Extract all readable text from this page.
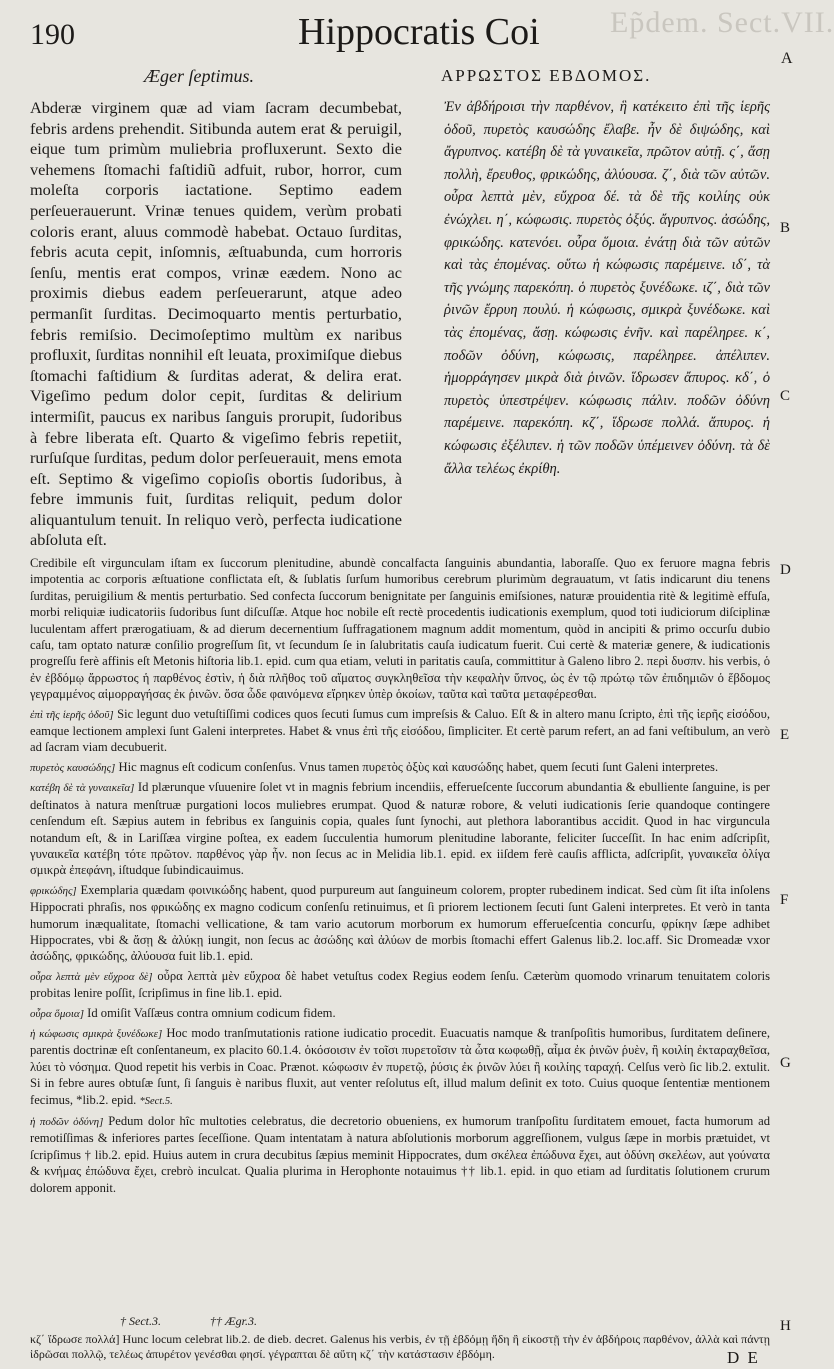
Ep̃dem. Sect.VII.
190	Hippocratis Coi
A
B
C
D
E
F
G
H
Æger ſeptimus.	ΑΡΡΩΣΤΟΣ ΕΒΔΟΜΟΣ.

Abderæ virginem quæ ad viam ſacram decumbebat, febris ardens prehendit. Sitibunda autem erat & peruigil, eique tum primùm muliebria profluxerunt. Sexto die vehemens ſtomachi faſtidiũ adfuit, rubor, horror, cum moleſta corporis iactatione. Septimo eadem perſeuerauerunt. Vrinæ tenues quidem, verùm probati coloris erant, aluus commodè habebat. Octauo ſurditas, febris acuta cepit, inſomnis, æſtuabunda, cum horroris ſenſu, mentis erat compos, vrinæ eædem. Nono ac proximis diebus eadem perſeuerarunt, atque adeo permanſit ſurditas. Decimoquarto mentis perturbatio, febris remiſsio. Decimoſeptimo multùm ex naribus profluxit, ſurditas nonnihil eſt leuata, proximiſque diebus ſtomachi faſtidium & ſurditas aderat, & delira erat. Vigeſimo pedum dolor cepit, ſurditas & delirium intermiſit, paucus ex naribus ſanguis prorupit, ſudoribus à febre liberata eſt. Quarto & vigeſimo febris repetiit, rurſuſque ſurditas, pedum dolor perſeuerauit, mens emota eſt. Septimo & vigeſimo copioſis obortis ſudoribus, à febre immunis fuit, ſurditas reliquit, pedum dolor aliquantulum tenuit. In reliquo verò, perfecta iudicatione abſoluta eſt.

Ἐν ἀβδήροισι τὴν παρθένον, ἣ κατέκειτο ἐπὶ τῆς ἱερῆς ὁδοῦ, πυρετὸς καυσώδης ἔλαβε. ἦν δὲ διψώδης, καὶ ἄγρυπνος. κατέβη δὲ τὰ γυναικεῖα, πρῶτον αὐτῇ. ς΄, ἄσῃ πολλὴ, ἔρευθος, φρικώδης, ἀλύουσα. ζ΄, διὰ τῶν αὐτῶν. οὖρα λεπτὰ μὲν, εὔχροα δέ. τὰ δὲ τῆς κοιλίης οὐκ ἐνώχλει. η΄, κώφωσις. πυρετὸς ὀξύς. ἄγρυπνος. ἀσώδης, φρικώδης. κατενόει. οὖρα ὅμοια. ἐνάτῃ διὰ τῶν αὐτῶν καὶ τὰς ἐπομένας. οὕτω ἡ κώφωσις παρέμεινε. ιδ΄, τὰ τῆς γνώμης παρεκόπη. ὁ πυρετὸς ξυνέδωκε. ιζ΄, διὰ τῶν ῥινῶν ἔρρυη πουλύ. ἡ κώφωσις, σμικρὰ ξυνέδωκε. καὶ τὰς ἐπομένας, ἄσῃ. κώφωσις ἐνῆν. καὶ παρέληρεε. κ΄, ποδῶν ὀδύνη, κώφωσις, παρέληρεε. ἀπέλιπεν. ἡμορράγησεν μικρὰ διὰ ῥινῶν. ἵδρωσεν ἄπυρος. κδ΄, ὁ πυρετὸς ὑπεστρέψεν. κώφωσις πάλιν. ποδῶν ὀδύνη παρέμεινε. παρεκόπη. κζ΄, ἵδρωσε πολλά. ἄπυρος. ἡ κώφωσις ἐξέλιπεν. ἡ τῶν ποδῶν ὑπέμεινεν ὀδύνη. τὰ δὲ ἄλλα τελέως ἐκρίθη.

Credibile eſt virgunculam iſtam ex ſuccorum plenitudine, abundè concalfacta ſanguinis abundantia, laboraſſe. Quo ex feruore magna febris impotentia ac corporis æſtuatione conflictata eſt, & ſublatis ſurſum humoribus cerebrum plurimùm degrauatum, vt ſatis indicarunt diu tenens ſurditas, peruigilium & mentis perturbatio. Sed confecta ſuccorum benignitate per ſanguinis emiſsiones, naturæ prouidentia ritè & legitimè effuſa, morbi reliquiæ iudicatoriis ſudoribus ſunt diſcuſſæ. Atque hoc nobile eſt rectè procedentis iudicationis exemplum, quod toti iudiciorum diſciplinæ luculentam affert prærogatiuam, & ad dierum decernentium ſuffragationem magnum addit momentum, quòd in ancipiti & primo occurſu dubio caſu, tam optato naturæ conſilio progreſſum ſit, vt ſecundum ſe in ſalubritatis cauſa iudicatum fuerit. Cui certè & materiæ genere, & iudicationis progreſſu ferè affinis eſt Metonis hiſtoria lib.1. epid. cum qua etiam, veluti in paritatis cauſa, committitur à Galeno libro 2. περὶ δυσπν. his verbis, ὁ ἐν ἐβδόμῳ ἄρρωστος ἡ παρθένος ἐστὶν, ἡ διὰ πλῆθος τοῦ αἵματος συγκληθεῖσα τὴν κεφαλὴν ὕπνος, ὡς ἐν τῷ πρώτῳ τῶν ἐπιδημιῶν ὁ ἕβδομος γεγραμμένος αἱμορραγήσας ἐκ ῥινῶν. ὅσα ὧδε φαινόμενα εἴρηκεν ὑπὲρ ὁκοίων, ταῦτα καὶ ταῦτα μεταφέρεσθαι.

ἐπὶ τῆς ἱερῆς ὁδοῦ] Sic legunt duo vetuſtiſſimi codices quos ſecuti ſumus cum impreſsis & Caluo. Eſt & in altero manu ſcripto, ἐπὶ τῆς ἱερῆς εἰσόδου, eamque lectionem amplexi ſunt Galeni interpretes. Habet & vnus ἐπὶ τῆς εἰσόδου, ſimpliciter. Et certè parum refert, an ad fani veſtibulum, an verò ad ſacram viam decubuerit.

πυρετὸς καυσώδης] Hic magnus eſt codicum conſenſus. Vnus tamen πυρετὸς ὀξὺς καὶ καυσώδης habet, quem ſecuti ſunt Galeni interpretes.

κατέβη δὲ τὰ γυναικεῖα] Id plærunque vſuuenire ſolet vt in magnis febrium incendiis, efferueſcente ſuccorum abundantia & ebulliente ſanguine, is per deſtinatos à natura menſtruæ purgationi locos muliebres erumpat. Quod & naturæ robore, & veluti iudicationis ſerie quandoque contingere cenſendum eſt. Sæpius autem in febribus ex ſanguinis copia, quales ſunt ſynochi, aut plethora laborantibus accidit. Quod in hac virguncula notandum eſt, & in Lariſſæa virgine poſtea, ex eadem ſucculentia humorum plenitudine laborante, feliciter ſucceſſit. In hac enim adſcripſit, γυναικεῖα κατέβη τότε πρῶτον. παρθένος γὰρ ἦν. non ſecus ac in Melidia lib.1. epid. ex iiſdem ferè cauſis afflicta, adſcripſit, γυναικεῖα ὀλίγα σμικρὰ ἐπεφάνη, iſtudque ſubindicauimus.

φρικώδης] Exemplaria quædam φοινικώδης habent, quod purpureum aut ſanguineum colorem, propter rubedinem indicat. Sed cùm ſit iſta inſolens Hippocrati phraſis, nos φρικώδης ex magno codicum conſenſu retinuimus, et ſi priorem lectionem ſecuti ſunt Galeni interpretes. Et verò in tanta humorum inæqualitate, ſtomachi vellicatione, & tam vario acutorum morborum ex humorum efferueſcentia concurſu, φρίκην ſæpe adhibet Hippocrates, vbi & ἄσῃ & ἀλύκῃ iungit, non ſecus ac ἀσώδης καὶ ἀλύων de morbis ſtomachi effert Galenus lib.2. loc.aff. Sic Dromeadæ vxor ἀσώδης, φρικώδης, ἀλύουσα fuit lib.1. epid.

οὖρα λεπτὰ μὲν εὔχροα δὲ] οὖρα λεπτὰ μὲν εὔχροα δὲ habet vetuſtus codex Regius eodem ſenſu. Cæterùm quomodo vrinarum tenuitatem coloris probitas lenire poſſit, ſcripſimus in fine lib.1. epid.

οὖρα ὅμοια] Id omiſit Vaſſæus contra omnium codicum fidem.

ἡ κώφωσις σμικρὰ ξυνέδωκε] Hoc modo tranſmutationis ratione iudicatio procedit. Euacuatis namque & tranſpoſitis humoribus, ſurditatem deſinere, parentis doctrinæ eſt conſentaneum, ex placito 60.1.4. ὁκόσοισιν ἐν τοῖσι πυρετοῖσιν τὰ ὦτα κωφωθῇ, αἷμα ἐκ ῥινῶν ῥυὲν, ἢ κοιλίη ἐκταραχθεῖσα, λύει τὸ νόσημα. Quod repetit his verbis in Coac. Prænot. κώφωσιν ἐν πυρετῷ, ῥύσις ἐκ ῥινῶν λύει ἢ κοιλίης ταραχή. Celſus verò ſic lib.2. extulit. Si in febre aures obtuſæ ſunt, ſi ſanguis è naribus fluxit, aut venter reſolutus eſt, illud malum deſinit ex toto. Cuius quoque ſententiæ mentionem fecimus, *lib.2. epid. *Sect.5.

ἡ ποδῶν ὀδύνη] Pedum dolor hîc multoties celebratus, die decretorio obueniens, ex humorum tranſpoſitu ſurditatem emouet, facta humorum ad remotiſſimas & inferiores partes ſeceſſione. Quam intentatam à natura abſolutionis morborum aggreſſionem, vulgus ſæpe in morbis prætuidet, vt ſcripſimus † lib.2. epid. Huius autem in crura decubitus ſæpius meminit Hippocrates, dum σκέλεα ἐπώδυνα ἔχει, aut ὀδύνη σκελέων, aut γούνατα & κνήμας ἐπώδυνα ἔχει, crebrò inculcat. Qualia plurima in Herophonte notauimus †† lib.1. epid. in quo etiam ad ſurditatis ſolutionem crurum dolorem apponit.

† Sect.3.	†† Ægr.3.

κζ΄ ἵδρωσε πολλά] Hunc locum celebrat lib.2. de dieb. decret. Galenus his verbis, ἐν τῇ ἑβδόμῃ ἤδη ἢ εἰκοστῇ τὴν ἐν ἀβδήροις παρθένον, ἀλλὰ καὶ πάντῃ ἱδρῶσαι πολλῷ, τελέως ἀπυρέτον γενέσθαι φησί. γέγραπται δὲ αὕτη κζ΄ τὴν κατάστασιν ἐβδόμη.	D E
